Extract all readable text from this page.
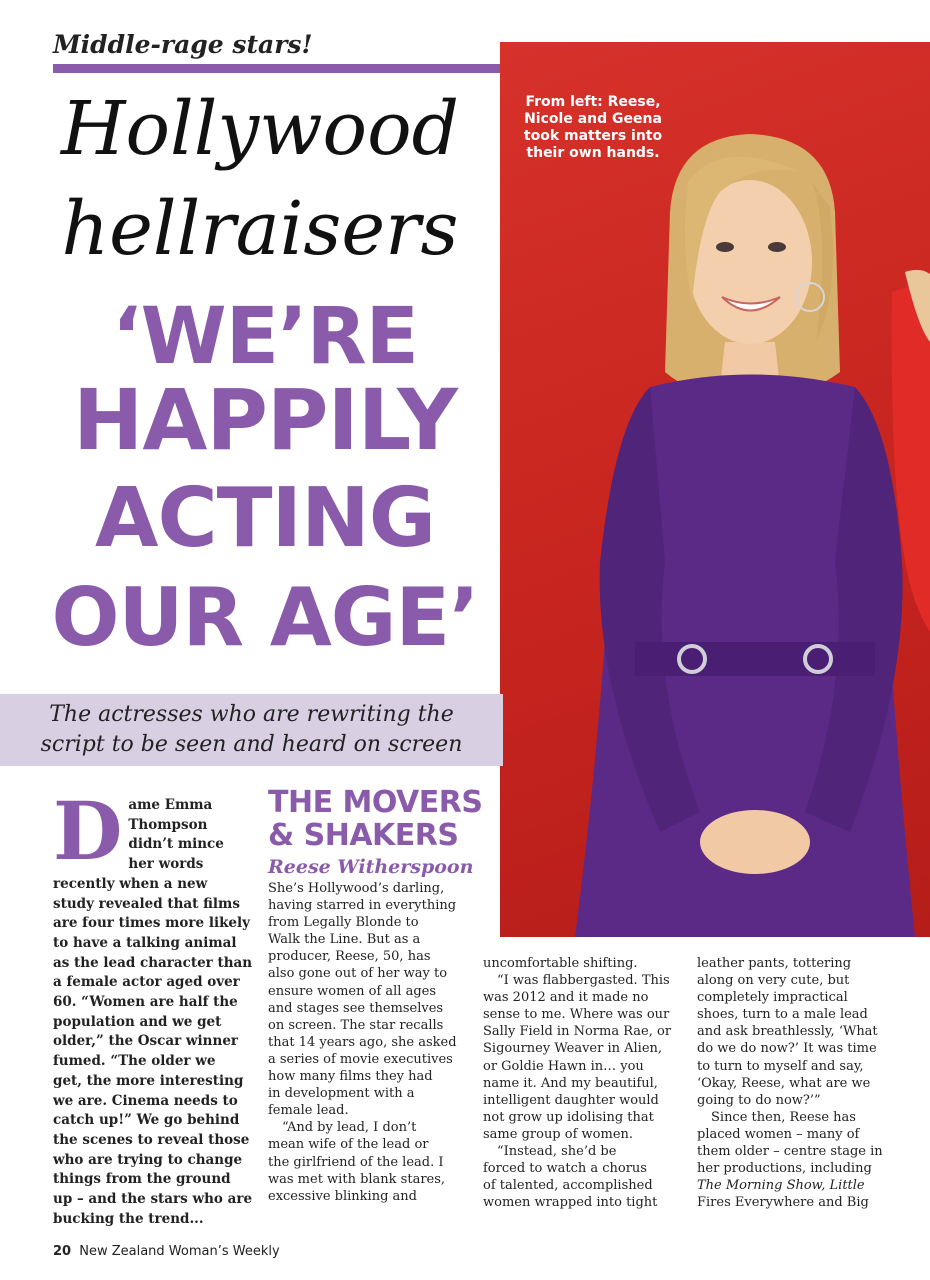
Middle-rage stars!
From left: Reese,
Nicole and Geena
took matters into
their own hands.
Hollywood
hellraisers
‘WE’RE
HAPPILY
ACTING
OUR AGE’

The actresses who are rewriting the

script to be seen and heard on screen

D ame Emma
Thompson
didn’t mince
her words
recently when a new
study revealed that films
are four times more likely
to have a talking animal
as the lead character than
a female actor aged over
60. “Women are half the
population and we get
older,” the Oscar winner
fumed. “The older we
get, the more interesting
we are. Cinema needs to
catch up!” We go behind
the scenes to reveal those
who are trying to change
things from the ground
up – and the stars who are
bucking the trend...
THE MOVERS
& SHAKERS
Reese Witherspoon
She’s Hollywood’s darling,
having starred in everything
from Legally Blonde to
Walk the Line. But as a
producer, Reese, 50, has
also gone out of her way to
ensure women of all ages
and stages see themselves
on screen. The star recalls
that 14 years ago, she asked
a series of movie executives
how many films they had
in development with a
female lead.
“And by lead, I don’t
mean wife of the lead or
the girlfriend of the lead. I
was met with blank stares,
excessive blinking and
uncomfortable shifting.
“I was flabbergasted. This
was 2012 and it made no
sense to me. Where was our
Sally Field in Norma Rae, or
Sigourney Weaver in Alien,
or Goldie Hawn in… you
name it. And my beautiful,
intelligent daughter would
not grow up idolising that
same group of women.
“Instead, she’d be
forced to watch a chorus
of talented, accomplished
women wrapped into tight
leather pants, tottering
along on very cute, but
completely impractical
shoes, turn to a male lead
and ask breathlessly, ‘What
do we do now?’ It was time
to turn to myself and say,
‘Okay, Reese, what are we
going to do now?’”
Since then, Reese has
placed women – many of
them older – centre stage in
her productions, including
The Morning Show, Little
Fires Everywhere and Big
20 New Zealand Woman’s Weekly
